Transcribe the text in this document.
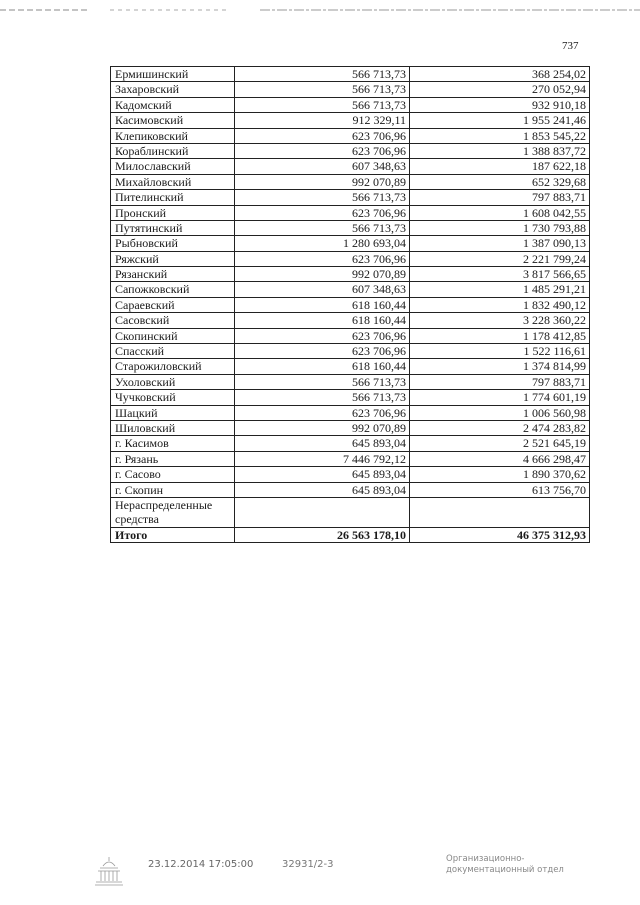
737
Ермишинский	566 713,73	368 254,02
Захаровский	566 713,73	270 052,94
Кадомский	566 713,73	932 910,18
Касимовский	912 329,11	1 955 241,46
Клепиковский	623 706,96	1 853 545,22
Кораблинский	623 706,96	1 388 837,72
Милославский	607 348,63	187 622,18
Михайловский	992 070,89	652 329,68
Пителинский	566 713,73	797 883,71
Пронский	623 706,96	1 608 042,55
Путятинский	566 713,73	1 730 793,88
Рыбновский	1 280 693,04	1 387 090,13
Ряжский	623 706,96	2 221 799,24
Рязанский	992 070,89	3 817 566,65
Сапожковский	607 348,63	1 485 291,21
Сараевский	618 160,44	1 832 490,12
Сасовский	618 160,44	3 228 360,22
Скопинский	623 706,96	1 178 412,85
Спасский	623 706,96	1 522 116,61
Старожиловский	618 160,44	1 374 814,99
Ухоловский	566 713,73	797 883,71
Чучковский	566 713,73	1 774 601,19
Шацкий	623 706,96	1 006 560,98
Шиловский	992 070,89	2 474 283,82
г. Касимов	645 893,04	2 521 645,19
г. Рязань	7 446 792,12	4 666 298,47
г. Сасово	645 893,04	1 890 370,62
г. Скопин	645 893,04	613 756,70
Нераспределенные средства		
Итого	26 563 178,10	46 375 312,93
23.12.2014 17:05:00	32931/2-3	Организационно-
документационный отдел
